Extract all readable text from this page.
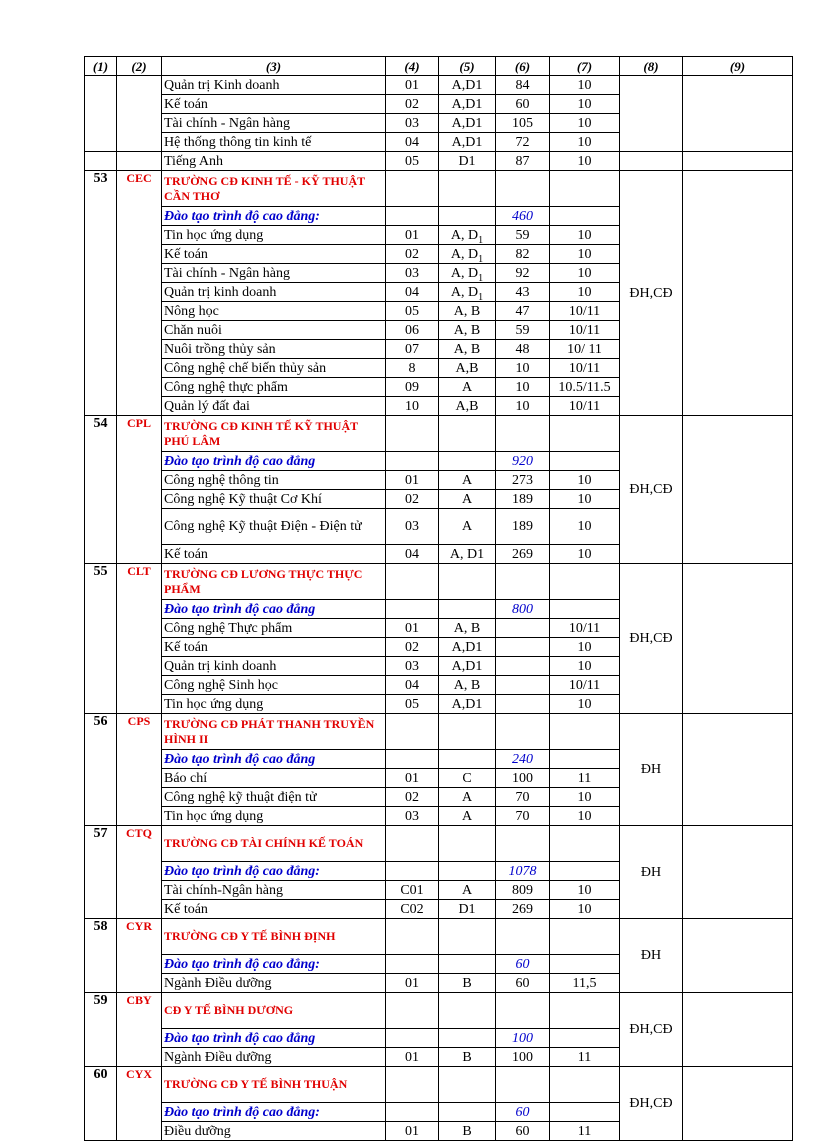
(1)	(2)	(3)	(4)	(5)	(6)	(7)	(8)	(9)
		Quản trị Kinh doanh	01	A,D1	84	10		
		Kế toán	02	A,D1	60	10		
		Tài chính - Ngân hàng	03	A,D1	105	10		
		Hệ thống thông tin kinh tế	04	A,D1	72	10		
		Tiếng Anh	05	D1	87	10		
53	CEC	TRƯỜNG CĐ KINH TẾ - KỸ THUẬT CẦN THƠ					ĐH,CĐ	
		Đào tạo trình độ cao đẳng:			460			
		Tin học ứng dụng	01	A, $D_1$	59	10		
		Kế toán	02	A, $D_1$	82	10		
		Tài chính - Ngân hàng	03	A, $D_1$	92	10		
		Quản trị kinh doanh	04	A, $D_1$	43	10		
		Nông học	05	A, B	47	10/11		
		Chăn nuôi	06	A, B	59	10/11		
		Nuôi trồng thủy sản	07	A, B	48	10/ 11		
		Công nghệ chế biến thủy sản	8	A,B	10	10/11		
		Công nghệ thực phẩm	09	A	10	10.5/11.5		
		Quản lý đất đai	10	A,B	10	10/11		
54	CPL	TRƯỜNG CĐ KINH TẾ KỸ THUẬT PHÚ LÂM					ĐH,CĐ	
		Đào tạo trình độ cao đẳng			920			
		Công nghệ thông tin	01	A	273	10		
		Công nghệ Kỹ thuật Cơ Khí	02	A	189	10		
		Công nghệ Kỹ thuật Điện - Điện tử	03	A	189	10		
		Kế toán	04	A, D1	269	10		
55	CLT	TRƯỜNG CĐ LƯƠNG THỰC THỰC PHẨM					ĐH,CĐ	
		Đào tạo trình độ cao đẳng			800			
		Công nghệ Thực phẩm	01	A, B		10/11		
		Kế toán	02	A,D1		10		
		Quản trị kinh doanh	03	A,D1		10		
		Công nghệ Sinh học	04	A, B		10/11		
		Tin học ứng dụng	05	A,D1		10		
56	CPS	TRƯỜNG CĐ PHÁT THANH TRUYỀN HÌNH II					ĐH	
		Đào tạo trình độ cao đẳng			240			
		Báo chí	01	C	100	11		
		Công nghệ kỹ thuật điện tử	02	A	70	10		
		Tin học ứng dụng	03	A	70	10		
57	CTQ	TRƯỜNG CĐ TÀI CHÍNH KẾ TOÁN					ĐH	
		Đào tạo trình độ cao đẳng:			1078			
		Tài chính-Ngân hàng	C01	A	809	10		
		Kế toán	C02	D1	269	10		
58	CYR	TRƯỜNG CĐ Y TẾ BÌNH ĐỊNH					ĐH	
		Đào tạo trình độ cao đẳng:			60			
		Ngành Điều dưỡng	01	B	60	11,5		
59	CBY	CĐ Y TẾ BÌNH DƯƠNG					ĐH,CĐ	
		Đào tạo trình độ cao đẳng			100			
		Ngành Điều dưỡng	01	B	100	11		
60	CYX	TRƯỜNG CĐ Y TẾ BÌNH THUẬN					ĐH,CĐ	
		Đào tạo trình độ cao đẳng:			60			
		Điều dưỡng	01	B	60	11		
